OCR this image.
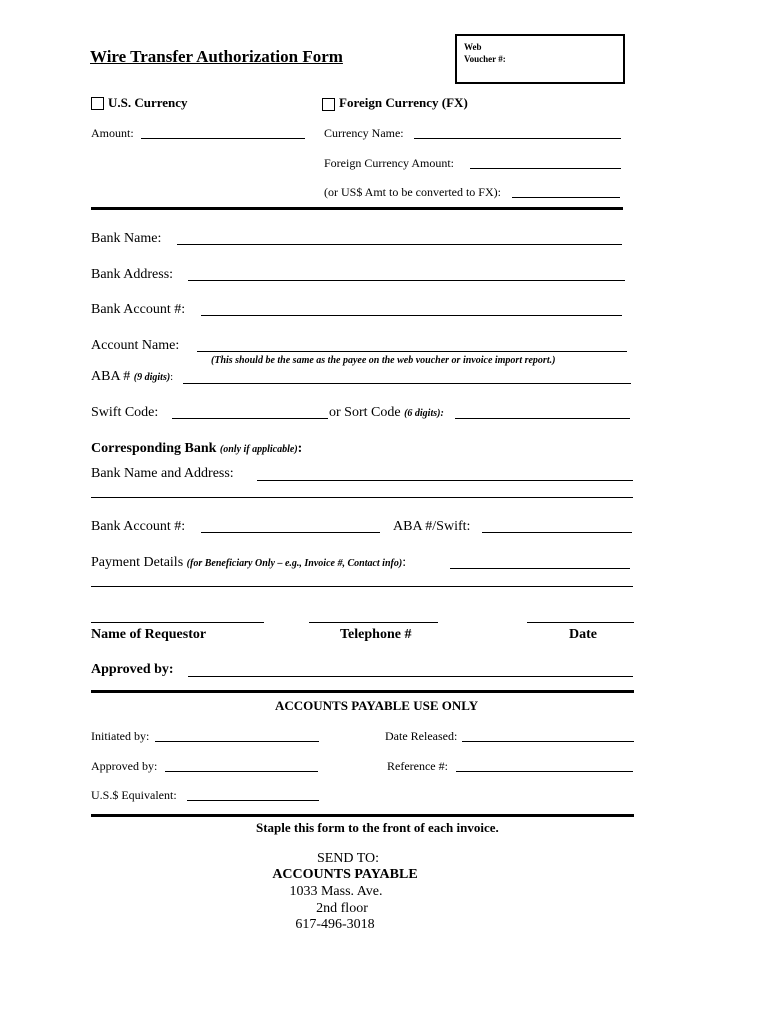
Wire Transfer Authorization Form	Web
Voucher #:
U.S. Currency	Foreign Currency (FX)
Amount:	Currency Name:
Foreign Currency Amount:
(or US$ Amt to be converted to FX):
Bank Name:
Bank Address:
Bank Account #:
Account Name:
(This should be the same as the payee on the web voucher or invoice import report.)
ABA # (9 digits):
Swift Code:	or Sort Code (6 digits):
Corresponding Bank (only if applicable):
Bank Name and Address:
Bank Account #:	ABA #/Swift:
Payment Details (for Beneficiary Only – e.g., Invoice #, Contact info):
Name of Requestor	Telephone #	Date
Approved by:
ACCOUNTS PAYABLE USE ONLY
Initiated by:	Date Released:
Approved by:	Reference #:
U.S.$ Equivalent:
Staple this form to the front of each invoice.
SEND TO:
ACCOUNTS PAYABLE
1033 Mass. Ave.
2nd floor
617-496-3018
